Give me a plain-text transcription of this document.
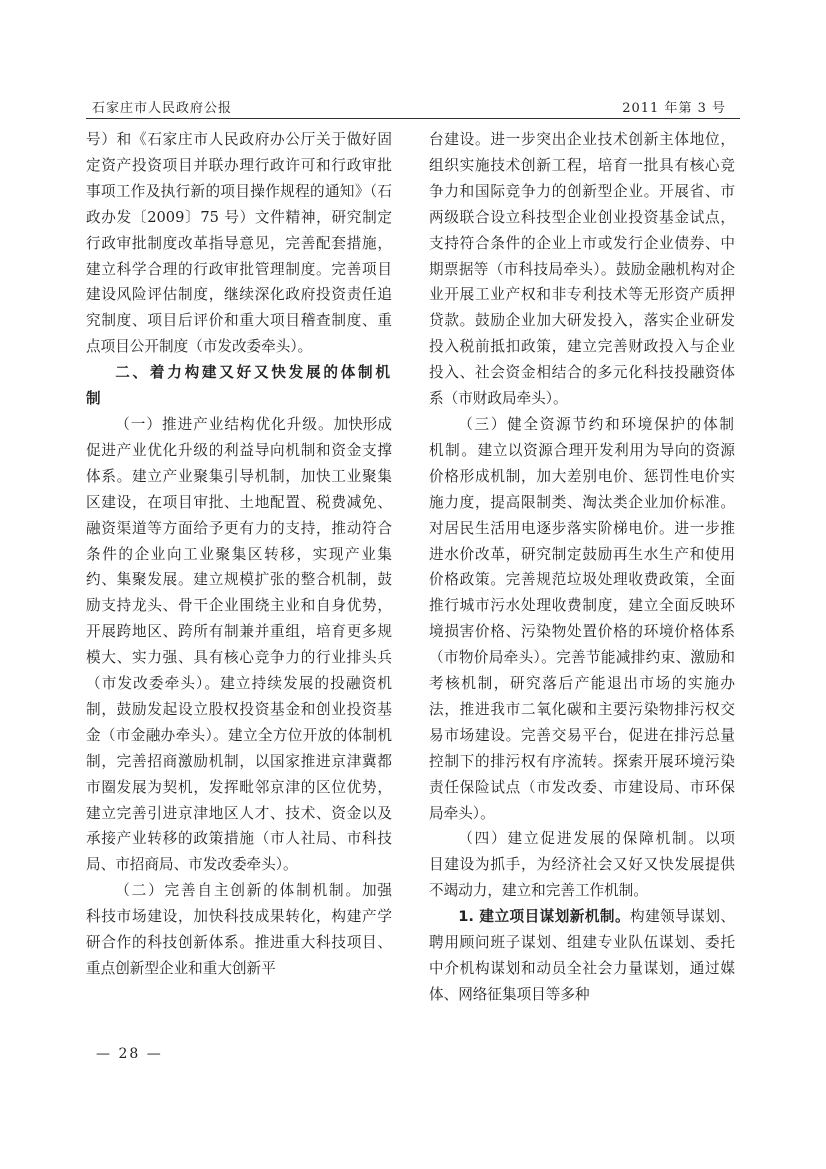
石家庄市人民政府公报	2011 年第 3 号

号）和《石家庄市人民政府办公厅关于做好固定资产投资项目并联办理行政许可和行政审批事项工作及执行新的项目操作规程的通知》（石政办发〔2009〕75 号）文件精神，研究制定行政审批制度改革指导意见，完善配套措施，建立科学合理的行政审批管理制度。完善项目建设风险评估制度，继续深化政府投资责任追究制度、项目后评价和重大项目稽查制度、重点项目公开制度（市发改委牵头）。

二、着力构建又好又快发展的体制机制

（一）推进产业结构优化升级。加快形成促进产业优化升级的利益导向机制和资金支撑体系。建立产业聚集引导机制，加快工业聚集区建设，在项目审批、土地配置、税费减免、融资渠道等方面给予更有力的支持，推动符合条件的企业向工业聚集区转移，实现产业集约、集聚发展。建立规模扩张的整合机制，鼓励支持龙头、骨干企业围绕主业和自身优势，开展跨地区、跨所有制兼并重组，培育更多规模大、实力强、具有核心竞争力的行业排头兵（市发改委牵头）。建立持续发展的投融资机制，鼓励发起设立股权投资基金和创业投资基金（市金融办牵头）。建立全方位开放的体制机制，完善招商激励机制，以国家推进京津冀都市圈发展为契机，发挥毗邻京津的区位优势，建立完善引进京津地区人才、技术、资金以及承接产业转移的政策措施（市人社局、市科技局、市招商局、市发改委牵头）。

（二）完善自主创新的体制机制。加强科技市场建设，加快科技成果转化，构建产学研合作的科技创新体系。推进重大科技项目、重点创新型企业和重大创新平

台建设。进一步突出企业技术创新主体地位，组织实施技术创新工程，培育一批具有核心竞争力和国际竞争力的创新型企业。开展省、市两级联合设立科技型企业创业投资基金试点，支持符合条件的企业上市或发行企业债券、中期票据等（市科技局牵头）。鼓励金融机构对企业开展工业产权和非专利技术等无形资产质押贷款。鼓励企业加大研发投入，落实企业研发投入税前抵扣政策，建立完善财政投入与企业投入、社会资金相结合的多元化科技投融资体系（市财政局牵头）。

（三）健全资源节约和环境保护的体制机制。建立以资源合理开发利用为导向的资源价格形成机制，加大差别电价、惩罚性电价实施力度，提高限制类、淘汰类企业加价标准。对居民生活用电逐步落实阶梯电价。进一步推进水价改革，研究制定鼓励再生水生产和使用价格政策。完善规范垃圾处理收费政策，全面推行城市污水处理收费制度，建立全面反映环境损害价格、污染物处置价格的环境价格体系（市物价局牵头）。完善节能减排约束、激励和考核机制，研究落后产能退出市场的实施办法，推进我市二氧化碳和主要污染物排污权交易市场建设。完善交易平台，促进在排污总量控制下的排污权有序流转。探索开展环境污染责任保险试点（市发改委、市建设局、市环保局牵头）。

（四）建立促进发展的保障机制。以项目建设为抓手，为经济社会又好又快发展提供不竭动力，建立和完善工作机制。

1. 建立项目谋划新机制。构建领导谋划、聘用顾问班子谋划、组建专业队伍谋划、委托中介机构谋划和动员全社会力量谋划，通过媒体、网络征集项目等多种

— 28 —
